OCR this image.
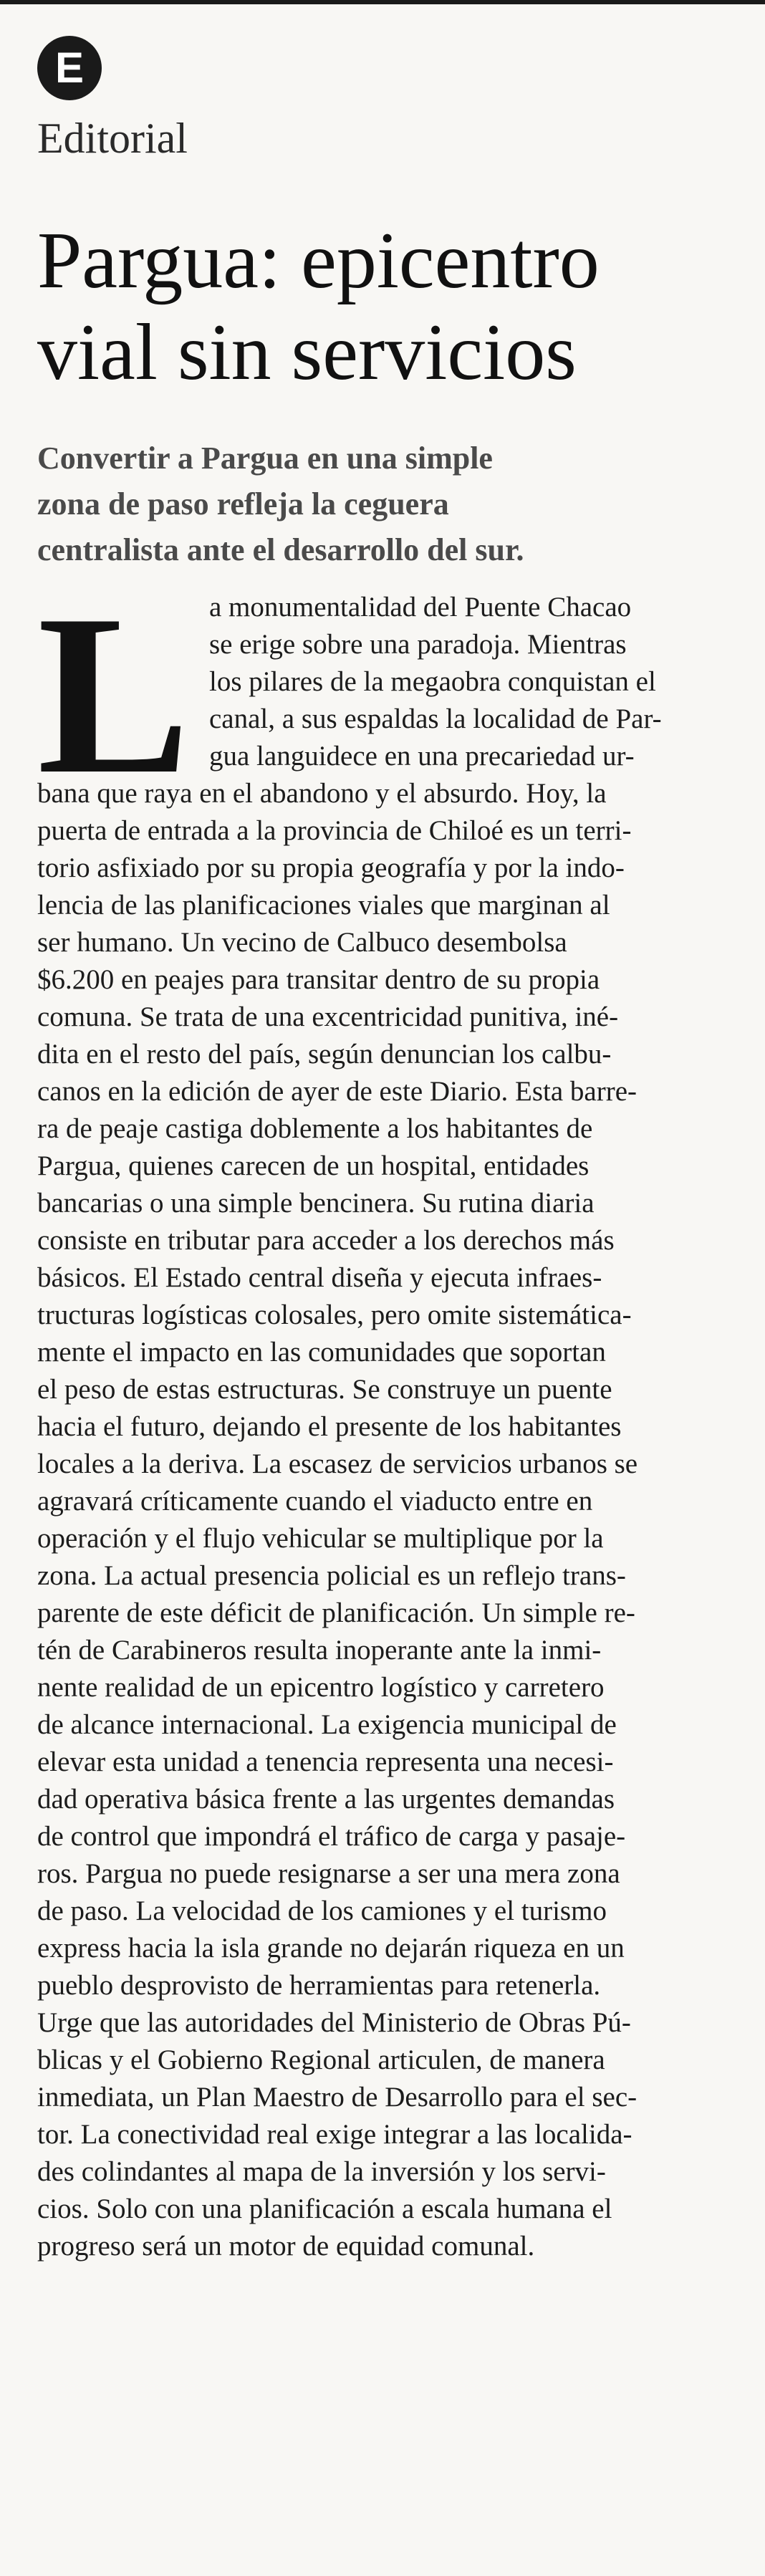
E
Editorial
Pargua: epicentro
vial sin servicios

Convertir a Pargua en una simple
zona de paso refleja la ceguera
centralista ante el desarrollo del sur.

L a monumentalidad del Puente Chacao
se erige sobre una paradoja. Mientras
los pilares de la megaobra conquistan el
canal, a sus espaldas la localidad de Par-
gua languidece en una precariedad ur-
bana que raya en el abandono y el absurdo. Hoy, la
puerta de entrada a la provincia de Chiloé es un terri-
torio asfixiado por su propia geografía y por la indo-
lencia de las planificaciones viales que marginan al
ser humano. Un vecino de Calbuco desembolsa
$6.200 en peajes para transitar dentro de su propia
comuna. Se trata de una excentricidad punitiva, iné-
dita en el resto del país, según denuncian los calbu-
canos en la edición de ayer de este Diario. Esta barre-
ra de peaje castiga doblemente a los habitantes de
Pargua, quienes carecen de un hospital, entidades
bancarias o una simple bencinera. Su rutina diaria
consiste en tributar para acceder a los derechos más
básicos. El Estado central diseña y ejecuta infraes-
tructuras logísticas colosales, pero omite sistemática-
mente el impacto en las comunidades que soportan
el peso de estas estructuras. Se construye un puente
hacia el futuro, dejando el presente de los habitantes
locales a la deriva. La escasez de servicios urbanos se
agravará críticamente cuando el viaducto entre en
operación y el flujo vehicular se multiplique por la
zona. La actual presencia policial es un reflejo trans-
parente de este déficit de planificación. Un simple re-
tén de Carabineros resulta inoperante ante la inmi-
nente realidad de un epicentro logístico y carretero
de alcance internacional. La exigencia municipal de
elevar esta unidad a tenencia representa una necesi-
dad operativa básica frente a las urgentes demandas
de control que impondrá el tráfico de carga y pasaje-
ros. Pargua no puede resignarse a ser una mera zona
de paso. La velocidad de los camiones y el turismo
express hacia la isla grande no dejarán riqueza en un
pueblo desprovisto de herramientas para retenerla.
Urge que las autoridades del Ministerio de Obras Pú-
blicas y el Gobierno Regional articulen, de manera
inmediata, un Plan Maestro de Desarrollo para el sec-
tor. La conectividad real exige integrar a las localida-
des colindantes al mapa de la inversión y los servi-
cios. Solo con una planificación a escala humana el
progreso será un motor de equidad comunal.
